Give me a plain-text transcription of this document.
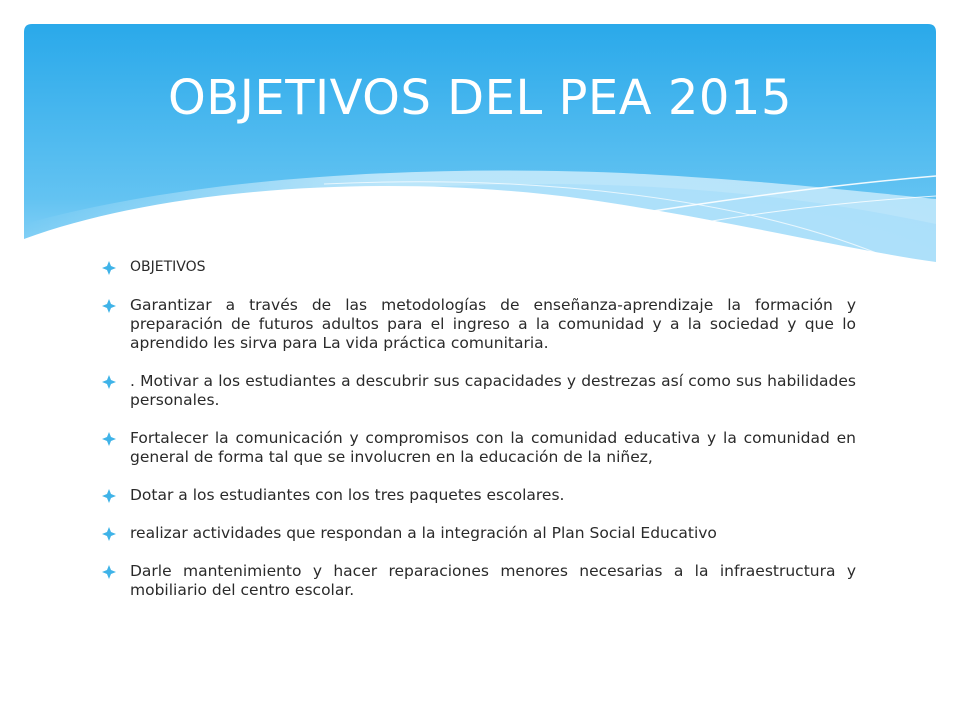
OBJETIVOS DEL PEA 2015
OBJETIVOS
Garantizar a través de las metodologías de enseñanza-aprendizaje la formación y preparación de futuros adultos para el ingreso a la comunidad y a la sociedad y que lo aprendido les sirva para La vida práctica comunitaria.
. Motivar a los estudiantes a descubrir sus capacidades y destrezas así como sus habilidades personales.
Fortalecer la comunicación y compromisos con la comunidad educativa y la comunidad en general de forma tal que se involucren en la educación de la niñez,
Dotar a los estudiantes con los tres paquetes escolares.
realizar actividades que respondan a la integración al Plan Social Educativo
Darle mantenimiento y hacer reparaciones menores necesarias a la infraestructura y mobiliario del centro escolar.
